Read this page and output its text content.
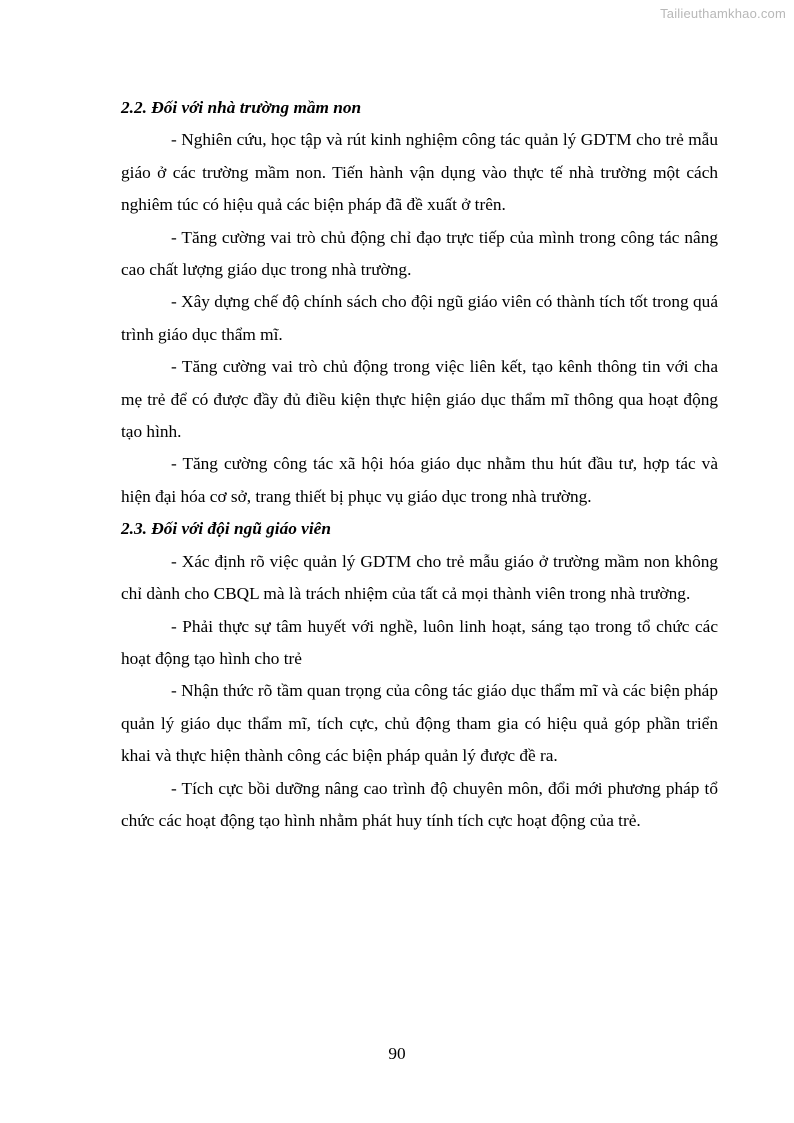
Tailieuthamkhao.com
2.2. Đối với nhà trường mầm non

- Nghiên cứu, học tập và rút kinh nghiệm công tác quản lý GDTM cho trẻ mẫu giáo ở các trường mầm non. Tiến hành vận dụng vào thực tế nhà trường một cách nghiêm túc có hiệu quả các biện pháp đã đề xuất ở trên.

- Tăng cường vai trò chủ động chỉ đạo trực tiếp của mình trong công tác nâng cao chất lượng giáo dục trong nhà trường.

- Xây dựng chế độ chính sách cho đội ngũ giáo viên có thành tích tốt trong quá trình giáo dục thẩm mĩ.

- Tăng cường vai trò chủ động trong việc liên kết, tạo kênh thông tin với cha mẹ trẻ để có được đầy đủ điều kiện thực hiện giáo dục thẩm mĩ thông qua hoạt động tạo hình.

- Tăng cường công tác xã hội hóa giáo dục nhằm thu hút đầu tư, hợp tác và hiện đại hóa cơ sở, trang thiết bị phục vụ giáo dục trong nhà trường.

2.3. Đối với đội ngũ giáo viên

- Xác định rõ việc quản lý GDTM cho trẻ mẫu giáo ở trường mầm non không chỉ dành cho CBQL mà là trách nhiệm của tất cả mọi thành viên trong nhà trường.

- Phải thực sự tâm huyết với nghề, luôn linh hoạt, sáng tạo trong tổ chức các hoạt động tạo hình cho trẻ

- Nhận thức rõ tầm quan trọng của công tác giáo dục thẩm mĩ và các biện pháp quản lý giáo dục thẩm mĩ, tích cực, chủ động tham gia có hiệu quả góp phần triển khai và thực hiện thành công các biện pháp quản lý được đề ra.

- Tích cực bồi dưỡng nâng cao trình độ chuyên môn, đổi mới phương pháp tổ chức các hoạt động tạo hình nhằm phát huy tính tích cực hoạt động của trẻ.

90
